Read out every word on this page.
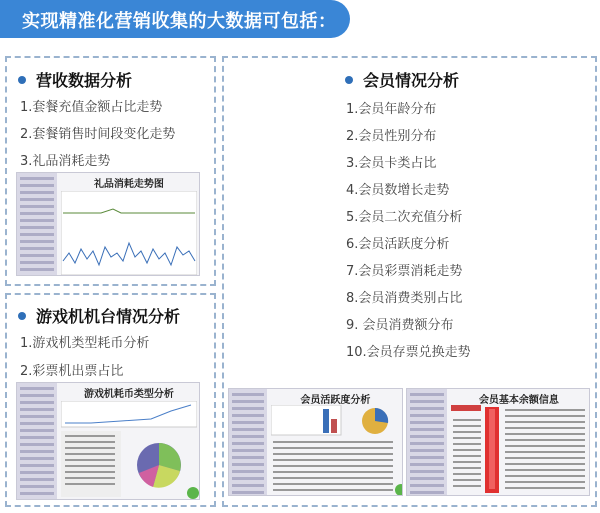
实现精准化营销收集的大数据可包括：
营收数据分析
1.套餐充值金额占比走势
2.套餐销售时间段变化走势
3.礼品消耗走势
礼品消耗走势图
游戏机机台情况分析
1.游戏机类型耗币分析
2.彩票机出票占比
游戏机耗币类型分析
会员情况分析
1.会员年龄分布
2.会员性别分布
3.会员卡类占比
4.会员数增长走势
5.会员二次充值分析
6.会员活跃度分析
7.会员彩票消耗走势
8.会员消费类别占比
9. 会员消费额分布
10.会员存票兑换走势
会员活跃度分析	会员基本余额信息
